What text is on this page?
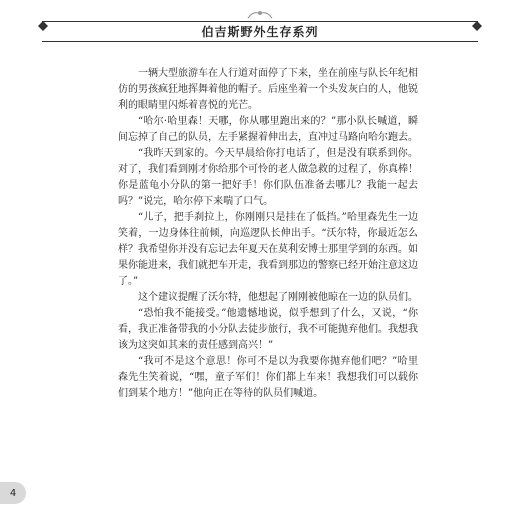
伯吉斯野外生存系列

一辆大型旅游车在人行道对面停了下来，坐在前座与队长年纪相仿的男孩疯狂地挥舞着他的帽子。后座坐着一个头发灰白的人，他锐利的眼睛里闪烁着喜悦的光芒。

“哈尔·哈里森！天哪，你从哪里跑出来的？”那小队长喊道，瞬间忘掉了自己的队员，左手紧握着伸出去，直冲过马路向哈尔跑去。

“我昨天到家的。今天早晨给你打电话了，但是没有联系到你。对了，我们看到刚才你给那个可怜的老人做急救的过程了，你真棒！你是蓝龟小分队的第一把好手！你们队伍准备去哪儿？我能一起去吗？”说完，哈尔停下来喘了口气。

“儿子，把手刹拉上，你刚刚只是挂在了低挡。”哈里森先生一边笑着，一边身体往前倾，向巡逻队长伸出手。“沃尔特，你最近怎么样？我希望你并没有忘记去年夏天在莫利安博士那里学到的东西。如果你能进来，我们就把车开走，我看到那边的警察已经开始注意这边了。”

这个建议提醒了沃尔特，他想起了刚刚被他晾在一边的队员们。

“恐怕我不能接受。”他遗憾地说，似乎想到了什么，又说，“你看，我正准备带我的小分队去徒步旅行，我不可能抛弃他们。我想我该为这突如其来的责任感到高兴！”

“我可不是这个意思！你可不是以为我要你抛弃他们吧？”哈里森先生笑着说，“嘿，童子军们！你们都上车来！我想我们可以载你们到某个地方！”他向正在等待的队员们喊道。

4
